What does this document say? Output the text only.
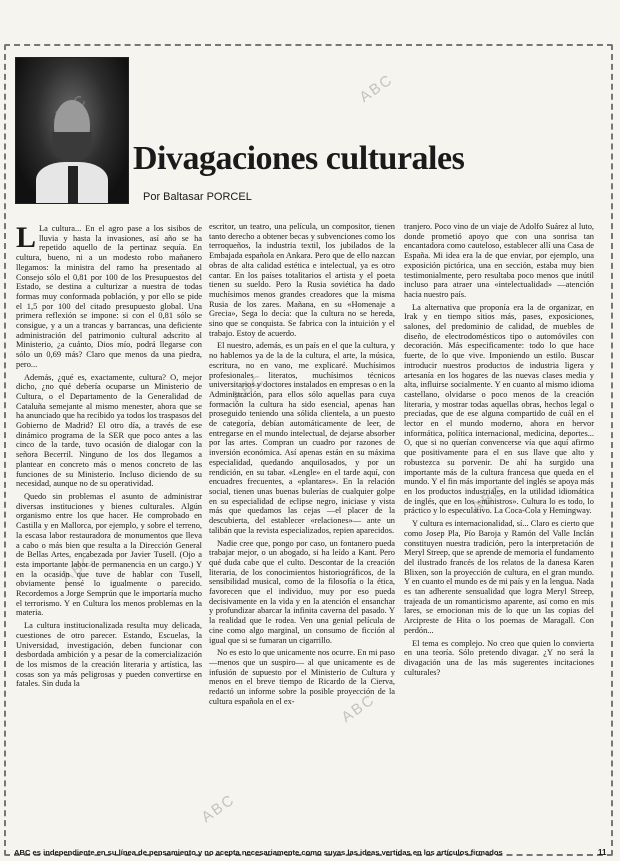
ABC
ABC
ABC
ABC
ABC
ABC
ABC
Divagaciones culturales
Por Baltasar PORCEL

L La cultura... En el agro pase a los sisibos de lluvia y hasta la invasiones, así año se ha repetido aquello de la pertinaz sequía. En cultura, bueno, ni a un modesto robo mañanero llegamos: la ministra del ramo ha presentado al Consejo sólo el 0,81 por 100 de los Presupuestos del Estado, se destina a culturizar a nuestra de todas formas muy conformada población, y por ello se pide el 1,5 por 100 del citado presupuesto global. Una primera reflexión se impone: si con el 0,81 sólo se consigue, y a un a trancas y barrancas, una deficiente administración del patrimonio cultural adscrito al Ministerio, ¿a cuánto, Dios mío, podrá llegarse con sólo un 0,69 más? Claro que menos da una piedra, pero...

Además, ¿qué es, exactamente, cultura? O, mejor dicho, ¿no qué debería ocuparse un Ministerio de Cultura, o el Departamento de la Generalidad de Cataluña semejante al mismo menester, ahora que se ha anunciado que ha recibido ya todos los traspasos del Gobierno de Madrid? El otro día, a través de ese dinámico programa de la SER que poco antes a las cinco de la tarde, tuvo ocasión de dialogar con la señora Becerril. Ninguno de los dos llegamos a plantear en concreto más o menos concreto de las funciones de su Ministerio. Incluso diciendo de su necesidad, aunque no de su operatividad.

Quedo sin problemas el asunto de administrar diversas instituciones y bienes culturales. Algún organismo entre los que hacer. He comprobado en Castilla y en Mallorca, por ejemplo, y sobre el terreno, la escasa labor restauradora de monumentos que lleva a cabo o más bien que resulta a la Dirección General de Bellas Artes, encabezada por Javier Tusell. (Ojo a esta importante labor de permanencia en un cargo.) Y en la ocasión que tuve de hablar con Tusell, obviamente pensé lo igualmente o parecido. Recordemos a Jorge Semprún que le importaría mucho el terrorismo. Y en Cultura los menos problemas en la materia.

La cultura institucionalizada resulta muy delicada, cuestiones de otro parecer. Estando, Escuelas, la Universidad, investigación, deben funcionar con desbordada ambición y a pesar de la comercialización de los mismos de la creación literaria y artística, las cosas son ya más peligrosas y pueden convertirse en fatales. Sin duda la

escritor, un teatro, una película, un compositor, tienen tanto derecho a obtener becas y subvenciones como los terroqueños, la industria textil, los jubilados de la Embajada española en Ankara. Pero que de ello nazcan obras de alta calidad estética e intelectual, ya es otro cantar. En los países totalitarios el artista y el poeta tienen su sueldo. Pero la Rusia soviética ha dado muchísimos menos grandes creadores que la misma Rusia de los zares. Mañana, en su «Homenaje a Grecia», Sega lo decía: que la cultura no se hereda, sino que se conquista. Se fabrica con la intuición y el trabajo. Estoy de acuerdo.

El nuestro, además, es un país en el que la cultura, y no hablemos ya de la de la cultura, el arte, la música, escritura, no en vano, me explicaré. Muchísimos profesionales literatos, muchísimos técnicos universitarios y doctores instalados en empresas o en la Administración, para ellos sólo aquellas para cuya formación la cultura ha sido esencial, apenas han proseguido teniendo una sólida clientela, a un puesto de categoría, debían automáticamente de leer, de entregarse en el mundo intelectual, de dejarse absorber por las artes. Compran un cuadro por razones de inversión económica. Así apenas están en su máxima especialidad, quedando anquilosados, y por un rendición, en su tabar. «Lengle» en el tarde aquí, con encuadres frecuentes, a «plantares». En la relación social, tienen unas buenas bulerías de cualquier golpe en su especialidad de eclipse negro, iniciase y vista más que quedamos las cejas —el placer de la descubierta, del establecer «relaciones»— ante un talibán que la revista especializados, repien aparecidos.

Nadie cree que, pongo por caso, un fontanero pueda trabajar mejor, o un abogado, si ha leído a Kant. Pero qué duda cabe que el culto. Descontar de la creación literaria, de los conocimientos historiográficos, de la sensibilidad musical, como de la filosofía o la ética, favorecen que el individuo, muy por eso pueda decisivamente en la vida y en la atención el ensanchar y profundizar abarcar la infinita caverna del pasado. Y la realidad que le rodea. Ven una genial película de cine como algo marginal, un consumo de ficción al igual que si se fumaran un cigarrillo.

No es esto lo que unicamente nos ocurre. En mi paso —menos que un suspiro— al que unicamente es de infusión de supuesto por el Ministerio de Cultura y menos en el breve tiempo de Ricardo de la Cierva, redactó un informe sobre la posible proyección de la cultura española en el ex-

tranjero. Poco vino de un viaje de Adolfo Suárez al luto, donde prometió apoyo que con una sonrisa tan encantadora como cauteloso, establecer allí una Casa de España. Mi idea era la de que enviar, por ejemplo, una exposición pictórica, una en sección, estaba muy bien testimonialmente, pero resultaba poco menos que inútil incluso para atraer una «intelectualidad» —atención hacia nuestro país.

La alternativa que proponía era la de organizar, en Irak y en tiempo sitios más, pases, exposiciones, salones, del predominio de calidad, de muebles de diseño, de electrodomésticos tipo o automóviles con decoración. Más especificamente: todo lo que hace fuerte, de lo que vive. Imponiendo un estilo. Buscar introducir nuestros productos de industria ligera y artesanía en los hogares de las nuevas clases media y alta, influirse socialmente. Y en cuanto al mismo idioma castellano, olvidarse o poco menos de la creación literaria, y mostrar todas aquellas obras, hechos legal o preciadas, que de ese alguna compartido de cuál en el lector en el mundo moderno, ahora en hervor informática, política internacional, medicina, deportes... O, que si no querían convencerse vía que aquí afirmo que positivamente para el en sus llave que alto y robustezca su porvenir. De ahí ha surgido una importante más de la cultura francesa que queda en el mundo. Y el fin más importante del inglés se apoya más en los productos industriales, en la utilidad idiomática de inglés, que en los «ministros». Cultura lo es todo, lo práctico y lo especulativo. La Coca-Cola y Hemingway.

Y cultura es internacionalidad, sí... Claro es cierto que como Josep Pla, Pío Baroja y Ramón del Valle Inclán constituyen nuestra tradición, pero la interpretación de Meryl Streep, que se aprende de memoria el fundamento del ilustrado francés de los relatos de la danesa Karen Blixen, son la proyección de cultura, en el gran mundo. Y en cuanto el mundo es de mi país y en la lengua. Nada es tan adherente sensualidad que logra Meryl Streep, trajeada de un romanticismo aparente, así como en mis lares, se emocionan mis de lo que un las copias del Arcipreste de Hita o los poemas de Maragall. Con perdón...

El tema es complejo. No creo que quien lo convierta en una teoría. Sólo pretendo divagar. ¿Y no será la divagación una de las más sugerentes incitaciones culturales?

ABC es independiente en su línea de pensamiento y no acepta necesariamente como suyas las ideas vertidas en los artículos firmados	11
